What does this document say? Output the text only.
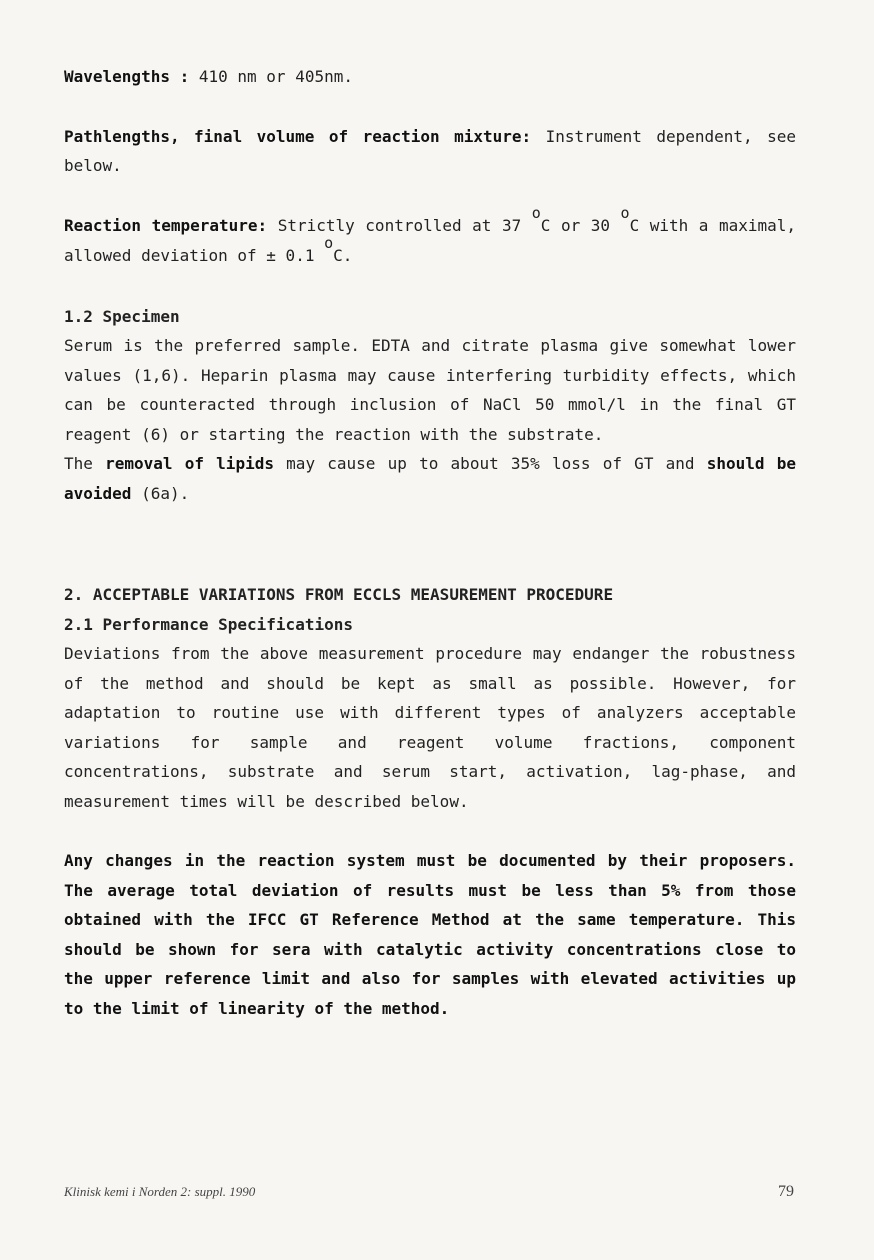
Wavelengths : 410 nm or 405nm.

Pathlengths, final volume of reaction mixture: Instrument dependent, see below.

Reaction temperature: Strictly controlled at 37 oC or 30 oC with a maximal, allowed deviation of ± 0.1 oC.

1.2 Specimen

Serum is the preferred sample. EDTA and citrate plasma give somewhat lower values (1,6). Heparin plasma may cause interfering turbidity effects, which can be counteracted through inclusion of NaCl 50 mmol/l in the final GT reagent (6) or starting the reaction with the substrate.

The removal of lipids may cause up to about 35% loss of GT and should be avoided (6a).

2. ACCEPTABLE VARIATIONS FROM ECCLS MEASUREMENT PROCEDURE

2.1 Performance Specifications

Deviations from the above measurement procedure may endanger the robustness of the method and should be kept as small as possible. However, for adaptation to routine use with different types of analyzers acceptable variations for sample and reagent volume fractions, component concentrations, substrate and serum start, activation, lag-phase, and measurement times will be described below.

Any changes in the reaction system must be documented by their proposers. The average total deviation of results must be less than 5% from those obtained with the IFCC GT Reference Method at the same temperature. This should be shown for sera with catalytic activity concentrations close to the upper reference limit and also for samples with elevated activities up to the limit of linearity of the method.

Klinisk kemi i Norden 2: suppl. 1990	79
